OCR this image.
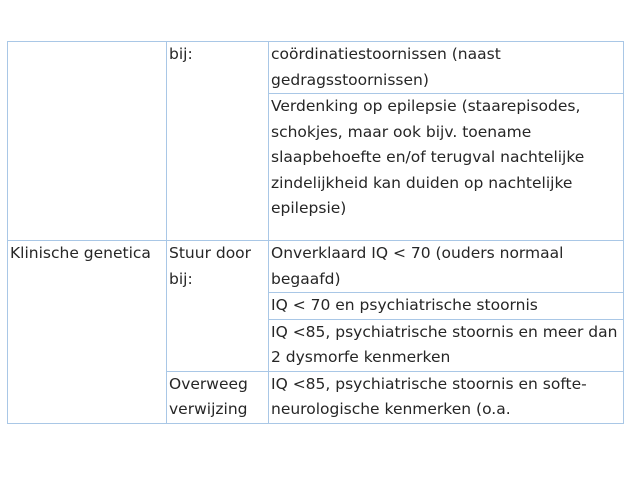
	bij:	coördinatiestoornissen (naast gedragsstoornissen)

		Verdenking op epilepsie (staarepisodes, schokjes, maar ook bijv. toename slaapbehoefte en/of terugval nachtelijke zindelijkheid kan duiden op nachtelijke epilepsie)

Klinische genetica	Stuur door bij:	Onverklaard IQ < 70 (ouders normaal begaafd)

		IQ < 70 en psychiatrische stoornis

		IQ <85, psychiatrische stoornis en meer dan 2 dysmorfe kenmerken

	Overweeg verwijzing	IQ <85, psychiatrische stoornis en softe-neurologische kenmerken (o.a.
